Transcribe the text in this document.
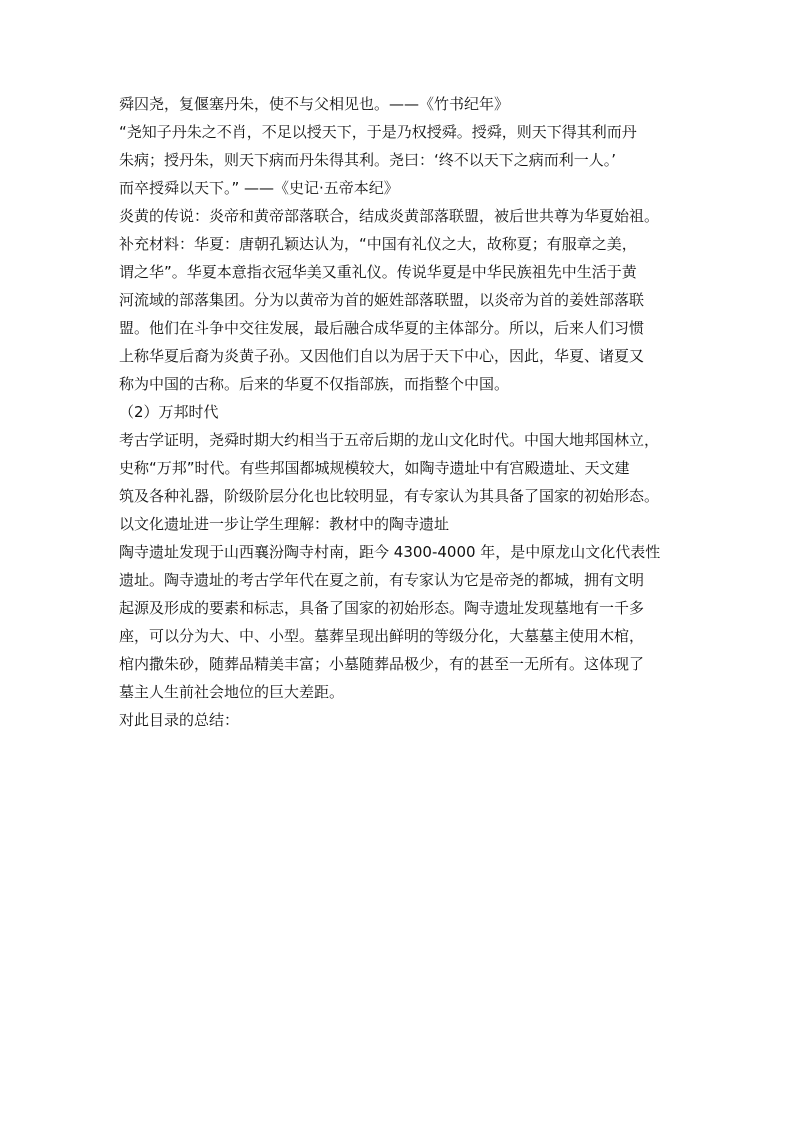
舜囚尧，复偃塞丹朱，使不与父相见也。——《竹书纪年》
“尧知子丹朱之不肖，不足以授天下，于是乃权授舜。授舜，则天下得其利而丹
朱病；授丹朱，则天下病而丹朱得其利。尧曰：‘终不以天下之病而利一人。’
而卒授舜以天下。” ——《史记·五帝本纪》
炎黄的传说：炎帝和黄帝部落联合，结成炎黄部落联盟，被后世共尊为华夏始祖。
补充材料：华夏：唐朝孔颖达认为，“中国有礼仪之大，故称夏；有服章之美，
谓之华”。华夏本意指衣冠华美又重礼仪。传说华夏是中华民族祖先中生活于黄
河流域的部落集团。分为以黄帝为首的姬姓部落联盟，以炎帝为首的姜姓部落联
盟。他们在斗争中交往发展，最后融合成华夏的主体部分。所以，后来人们习惯
上称华夏后裔为炎黄子孙。又因他们自以为居于天下中心，因此，华夏、诸夏又
称为中国的古称。后来的华夏不仅指部族，而指整个中国。
（2）万邦时代
考古学证明，尧舜时期大约相当于五帝后期的龙山文化时代。中国大地邦国林立，
史称“万邦”时代。有些邦国都城规模较大，如陶寺遗址中有宫殿遗址、天文建
筑及各种礼器，阶级阶层分化也比较明显，有专家认为其具备了国家的初始形态。
以文化遗址进一步让学生理解：教材中的陶寺遗址
陶寺遗址发现于山西襄汾陶寺村南，距今 4300-4000 年，是中原龙山文化代表性
遗址。陶寺遗址的考古学年代在夏之前，有专家认为它是帝尧的都城，拥有文明
起源及形成的要素和标志，具备了国家的初始形态。陶寺遗址发现墓地有一千多
座，可以分为大、中、小型。墓葬呈现出鲜明的等级分化，大墓墓主使用木棺，
棺内撒朱砂，随葬品精美丰富；小墓随葬品极少，有的甚至一无所有。这体现了
墓主人生前社会地位的巨大差距。
对此目录的总结：
